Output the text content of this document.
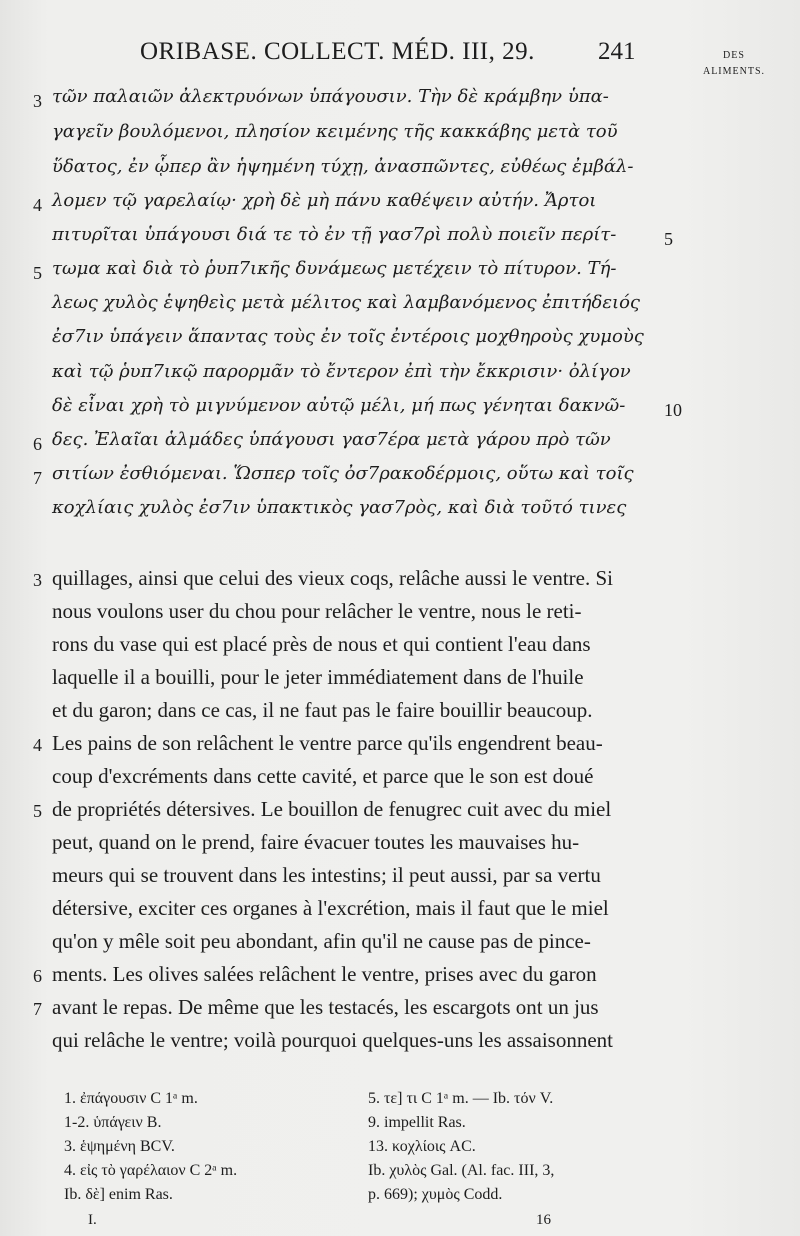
ORIBASE. COLLECT. MÉD. III, 29.	241	DES
ALIMENTS.
τῶν παλαιῶν ἀλεκτρυόνων ὑπάγουσιν. Τὴν δὲ κράμβην ὑπα-
γαγεῖν βουλόμενοι, πλησίον κειμένης τῆς κακκάβης μετὰ τοῦ
ὕδατος, ἐν ᾧπερ ἂν ἡψημένη τύχῃ, ἀνασπῶντες, εὐθέως ἐμβάλ-
λομεν τῷ γαρελαίῳ· χρὴ δὲ μὴ πάνυ καθέψειν αὐτήν. Ἄρτοι
πιτυρῖται ὑπάγουσι διά τε τὸ ἐν τῇ γασ7ρὶ πολὺ ποιεῖν περίτ-
τωμα καὶ διὰ τὸ ῥυπ7ικῆς δυνάμεως μετέχειν τὸ πίτυρον. Τή-
λεως χυλὸς ἑψηθεὶς μετὰ μέλιτος καὶ λαμβανόμενος ἐπιτήδειός
ἐσ7ιν ὑπάγειν ἅπαντας τοὺς ἐν τοῖς ἐντέροις μοχθηροὺς χυμοὺς
καὶ τῷ ῥυπ7ικῷ παρορμᾶν τὸ ἔντερον ἐπὶ τὴν ἔκκρισιν· ὀλίγον
δὲ εἶναι χρὴ τὸ μιγνύμενον αὐτῷ μέλι, μή πως γένηται δακνῶ-
δες. Ἐλαῖαι ἁλμάδες ὑπάγουσι γασ7έρα μετὰ γάρου πρὸ τῶν
σιτίων ἐσθιόμεναι. Ὥσπερ τοῖς ὀσ7ρακοδέρμοις, οὕτω καὶ τοῖς
κοχλίαις χυλὸς ἐσ7ιν ὑπακτικὸς γασ7ρὸς, καὶ διὰ τοῦτό τινες
3
4
5
6
7
5
10
quillages, ainsi que celui des vieux coqs, relâche aussi le ventre. Si
nous voulons user du chou pour relâcher le ventre, nous le reti-
rons du vase qui est placé près de nous et qui contient l'eau dans
laquelle il a bouilli, pour le jeter immédiatement dans de l'huile
et du garon; dans ce cas, il ne faut pas le faire bouillir beaucoup.
Les pains de son relâchent le ventre parce qu'ils engendrent beau-
coup d'excréments dans cette cavité, et parce que le son est doué
de propriétés détersives. Le bouillon de fenugrec cuit avec du miel
peut, quand on le prend, faire évacuer toutes les mauvaises hu-
meurs qui se trouvent dans les intestins; il peut aussi, par sa vertu
détersive, exciter ces organes à l'excrétion, mais il faut que le miel
qu'on y mêle soit peu abondant, afin qu'il ne cause pas de pince-
ments. Les olives salées relâchent le ventre, prises avec du garon
avant le repas. De même que les testacés, les escargots ont un jus
qui relâche le ventre; voilà pourquoi quelques-uns les assaisonnent
3
4
5
6
7
1. ἐπάγουσιν C 1ᵃ m.
1-2. ὑπάγειν B.
3. ἑψημένη BCV.
4. εἰς τὸ γαρέλαιον C 2ᵃ m.
Ib. δὲ] enim Ras.
5. τε] τι C 1ᵃ m. — Ib. τόν V.
9. impellit Ras.
13. κοχλίοις AC.
Ib. χυλὸς Gal. (Al. fac. III, 3,
p. 669); χυμὸς Codd.
I.	16
